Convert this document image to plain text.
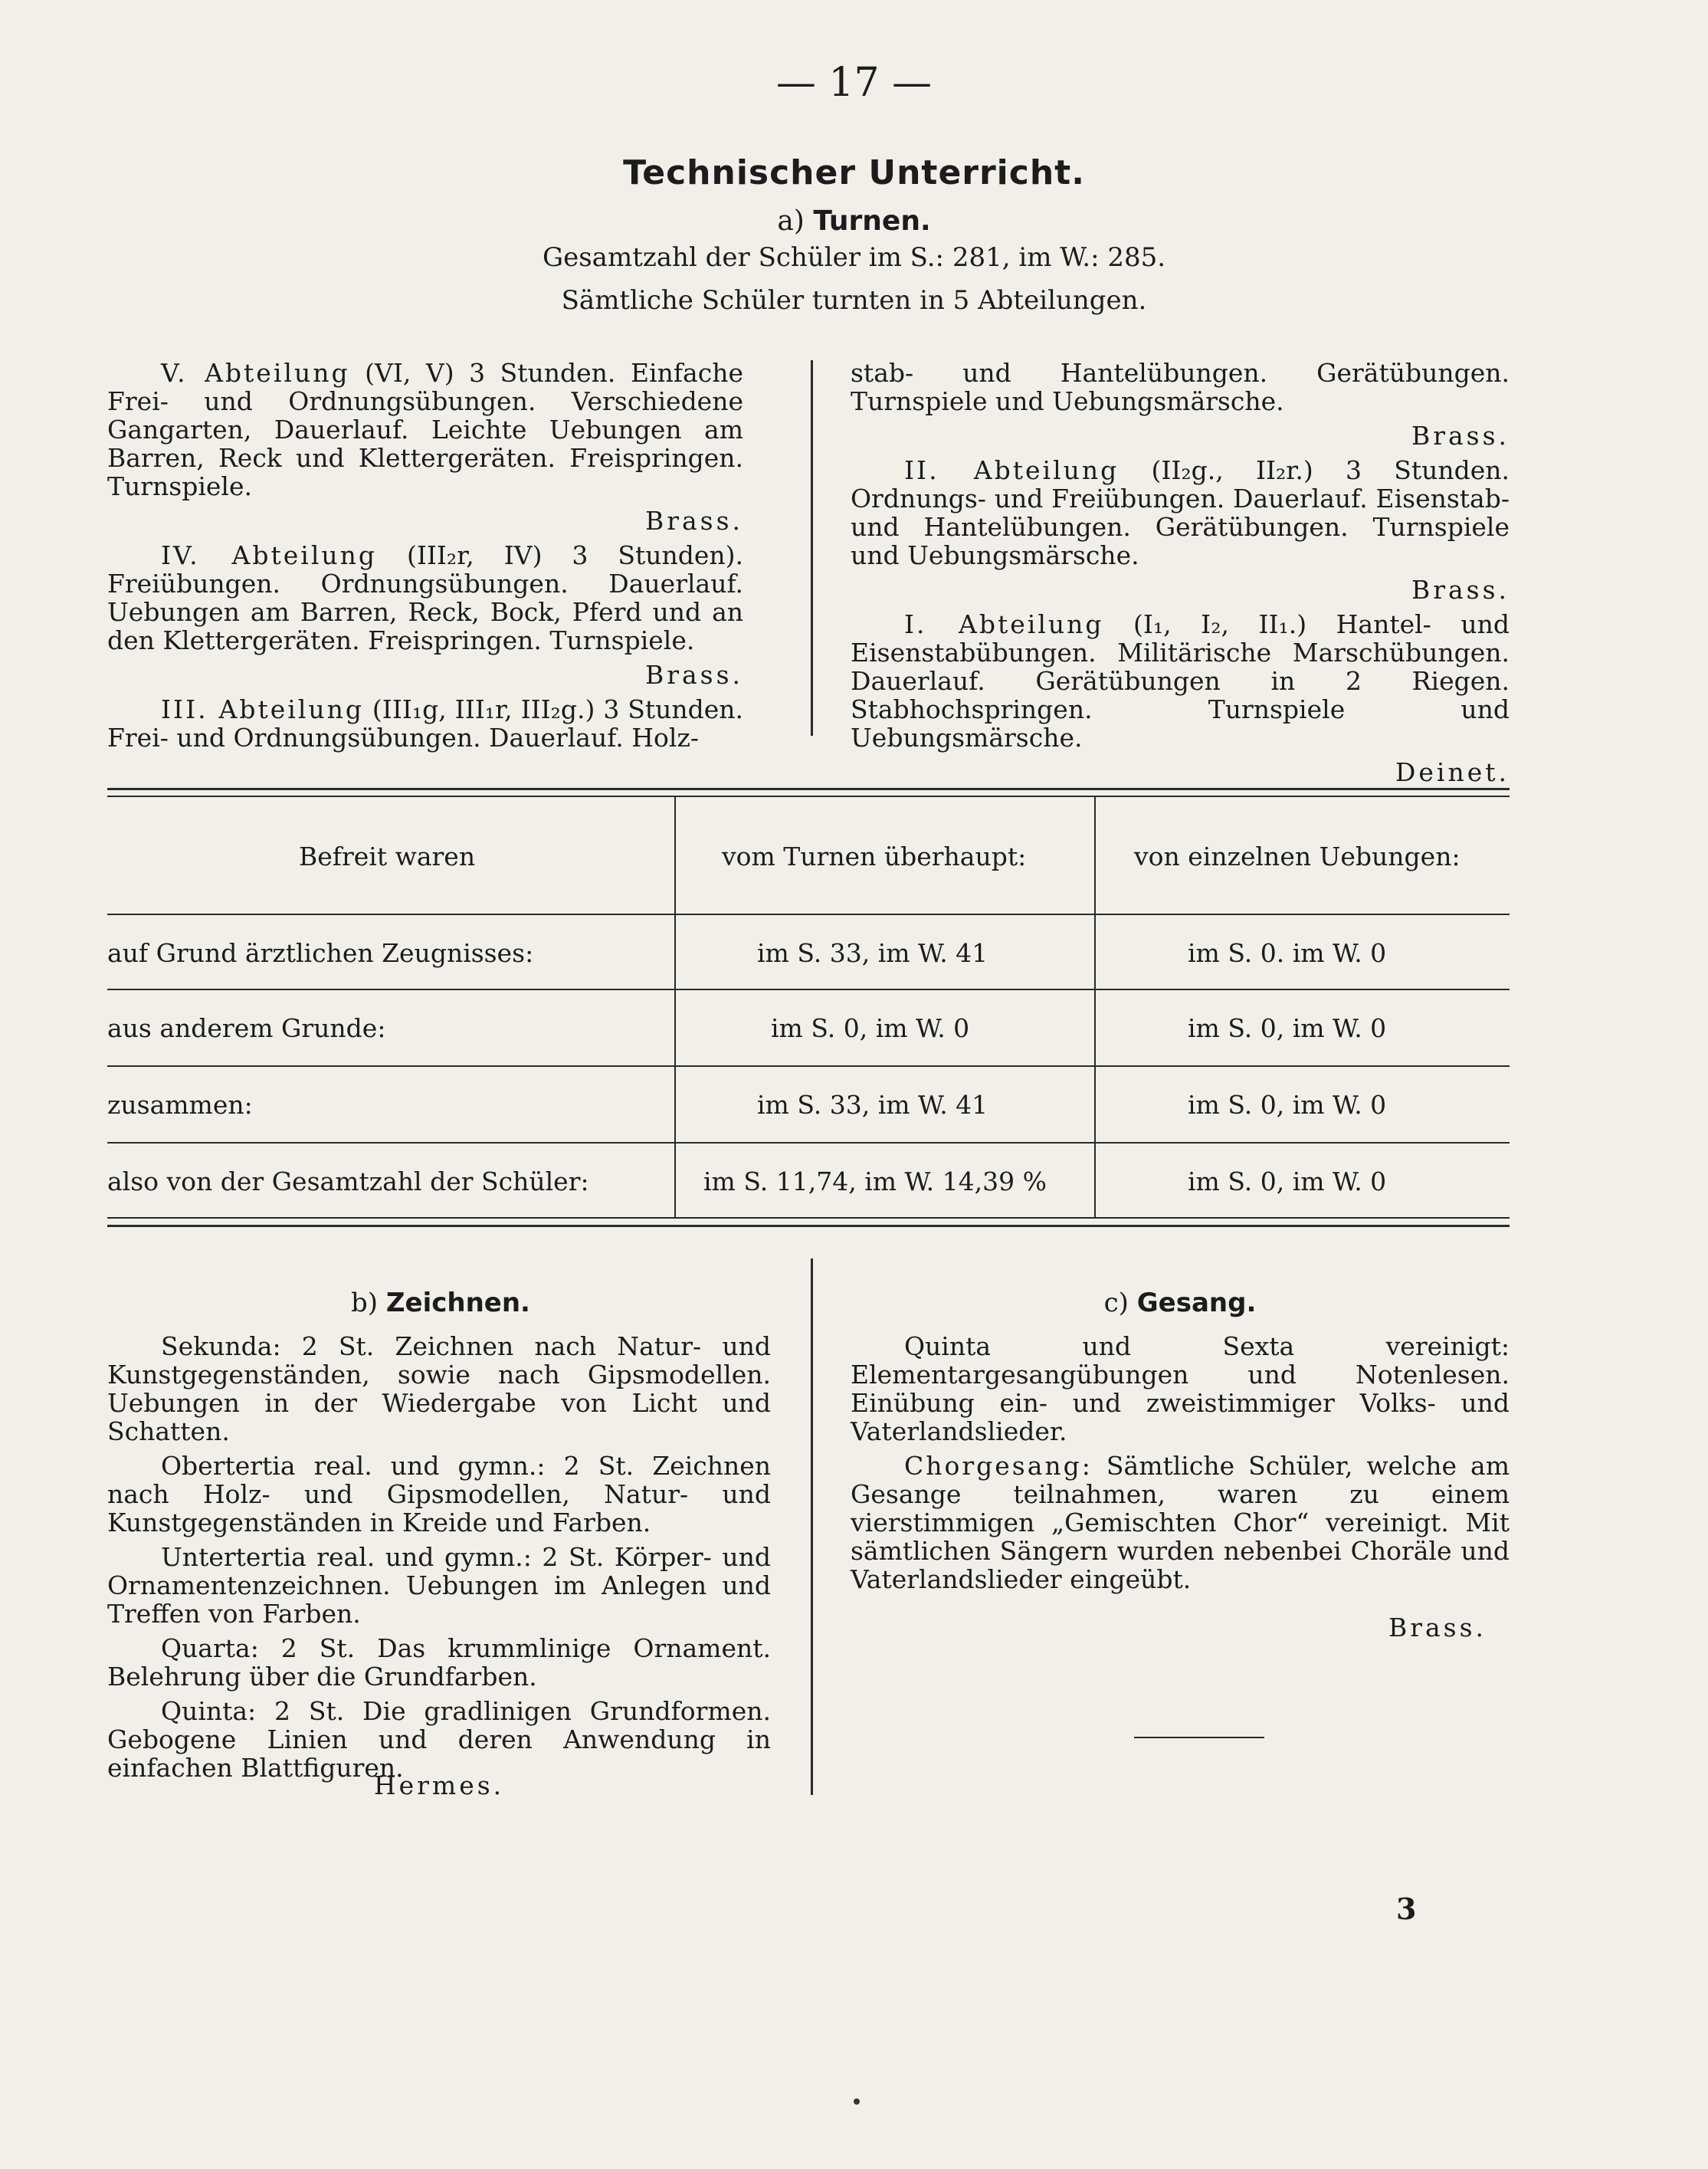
— 17 —
Technischer Unterricht.
a) Turnen.
Gesamtzahl der Schüler im S.: 281, im W.: 285.
Sämtliche Schüler turnten in 5 Abteilungen.

V. Abteilung (VI, V) 3 Stunden. Einfache Frei- und Ordnungsübungen. Verschiedene Gangarten, Dauerlauf. Leichte Uebungen am Barren, Reck und Klettergeräten. Freispringen. Turnspiele.

Brass.

IV. Abteilung (III₂r, IV) 3 Stunden). Freiübungen. Ordnungsübungen. Dauerlauf. Uebungen am Barren, Reck, Bock, Pferd und an den Klettergeräten. Freispringen. Turnspiele.

Brass.

III. Abteilung (III₁g, III₁r, III₂g.) 3 Stunden. Frei- und Ordnungsübungen. Dauerlauf. Holz-

stab- und Hantelübungen. Gerätübungen. Turnspiele und Uebungsmärsche.

Brass.

II. Abteilung (II₂g., II₂r.) 3 Stunden. Ordnungs- und Freiübungen. Dauerlauf. Eisenstab- und Hantelübungen. Gerätübungen. Turnspiele und Uebungsmärsche.

Brass.

I. Abteilung (I₁, I₂, II₁.) Hantel- und Eisenstabübungen. Militärische Marschübungen. Dauerlauf. Gerätübungen in 2 Riegen. Stabhochspringen. Turnspiele und Uebungsmärsche.

Deinet.

Befreit waren	vom Turnen überhaupt:	von einzelnen Uebungen:
auf Grund ärztlichen Zeugnisses:	im S. 33, im W. 41	im S. 0. im W. 0
aus anderem Grunde:	im S. 0, im W. 0	im S. 0, im W. 0
zusammen:	im S. 33, im W. 41	im S. 0, im W. 0
also von der Gesamtzahl der Schüler:	im S. 11,74, im W. 14,39 %	im S. 0, im W. 0
b) Zeichnen.

Sekunda: 2 St. Zeichnen nach Natur- und Kunstgegenständen, sowie nach Gipsmodellen. Uebungen in der Wiedergabe von Licht und Schatten.

Obertertia real. und gymn.: 2 St. Zeichnen nach Holz- und Gipsmodellen, Natur- und Kunstgegenständen in Kreide und Farben.

Untertertia real. und gymn.: 2 St. Körper- und Ornamentenzeichnen. Uebungen im Anlegen und Treffen von Farben.

Quarta: 2 St. Das krummlinige Ornament. Belehrung über die Grundfarben.

Quinta: 2 St. Die gradlinigen Grundformen. Gebogene Linien und deren Anwendung in einfachen Blattfiguren.

Hermes.
c) Gesang.

Quinta und Sexta vereinigt: Elementargesangübungen und Notenlesen. Einübung ein- und zweistimmiger Volks- und Vaterlandslieder.

Chorgesang: Sämtliche Schüler, welche am Gesange teilnahmen, waren zu einem vierstimmigen „Gemischten Chor“ vereinigt. Mit sämtlichen Sängern wurden nebenbei Choräle und Vaterlandslieder eingeübt.

Brass.
3
